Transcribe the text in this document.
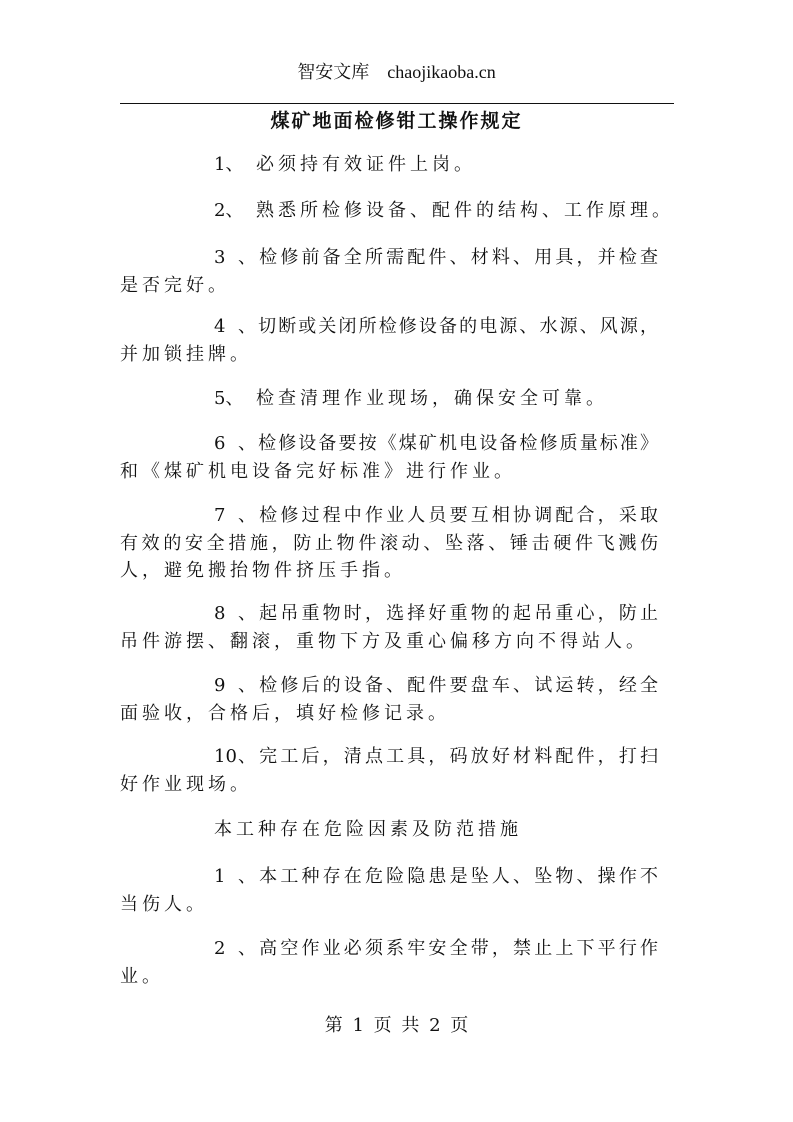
智安文库 chaojikaoba.cn
煤矿地面检修钳工操作规定
1、 必须持有效证件上岗。
2、 熟悉所检修设备、配件的结构、工作原理。
3、检修前备全所需配件、材料、用具，并检查
是否完好。
4、切断或关闭所检修设备的电源、水源、风源，
并加锁挂牌。
5、 检查清理作业现场，确保安全可靠。
6、检修设备要按《煤矿机电设备检修质量标准》
和《煤矿机电设备完好标准》进行作业。
7、检修过程中作业人员要互相协调配合，采取
有效的安全措施，防止物件滚动、坠落、锤击硬件飞溅伤
人，避免搬抬物件挤压手指。
8、起吊重物时，选择好重物的起吊重心，防止
吊件游摆、翻滚，重物下方及重心偏移方向不得站人。
9、检修后的设备、配件要盘车、试运转，经全
面验收，合格后，填好检修记录。
10、完工后，清点工具，码放好材料配件，打扫
好作业现场。
本工种存在危险因素及防范措施
1、本工种存在危险隐患是坠人、坠物、操作不
当伤人。
2、高空作业必须系牢安全带，禁止上下平行作
业。
第 1 页 共 2 页
